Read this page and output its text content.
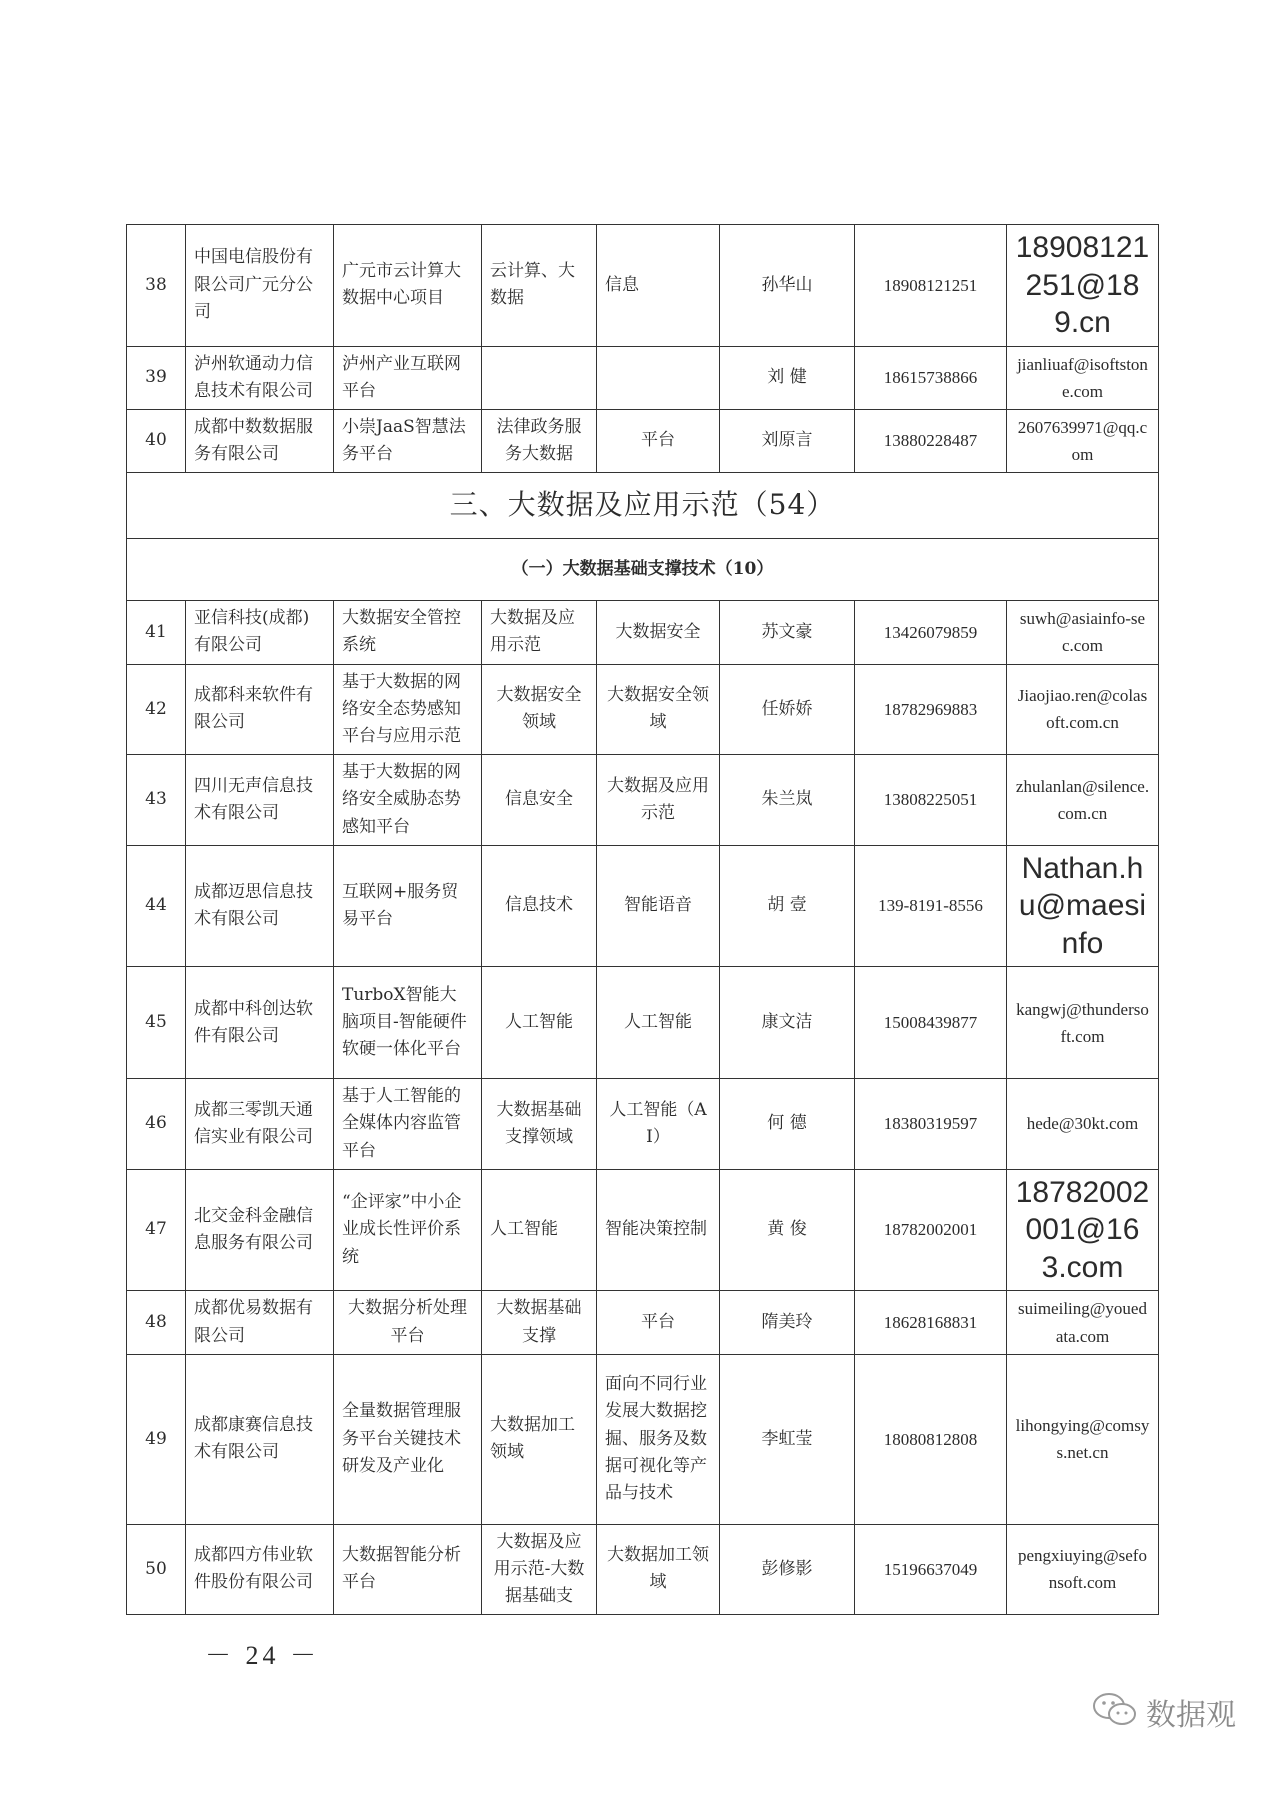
38	中国电信股份有限公司广元分公司	广元市云计算大数据中心项目	云计算、大数据	信息	孙华山	18908121251	18908121251@189.cn
39	泸州软通动力信息技术有限公司	泸州产业互联网平台			刘 健	18615738866	jianliuaf@isoftstone.com
40	成都中数数据服务有限公司	小崇JaaS智慧法务平台	法律政务服务大数据	平台	刘原言	13880228487	2607639971@qq.com
三、大数据及应用示范（54）							
（一）大数据基础支撑技术（10）							
41	亚信科技(成都)有限公司	大数据安全管控系统	大数据及应用示范	大数据安全	苏文豪	13426079859	suwh@asiainfo-sec.com
42	成都科来软件有限公司	基于大数据的网络安全态势感知平台与应用示范	大数据安全领域	大数据安全领域	任娇娇	18782969883	Jiaojiao.ren@colasoft.com.cn
43	四川无声信息技术有限公司	基于大数据的网络安全威胁态势感知平台	信息安全	大数据及应用示范	朱兰岚	13808225051	zhulanlan@silence.com.cn
44	成都迈思信息技术有限公司	互联网+服务贸易平台	信息技术	智能语音	胡 壹	139-8191-8556	Nathan.hu@maesinfo
45	成都中科创达软件有限公司	TurboX智能大脑项目-智能硬件软硬一体化平台	人工智能	人工智能	康文洁	15008439877	kangwj@thundersoft.com
46	成都三零凯天通信实业有限公司	基于人工智能的全媒体内容监管平台	大数据基础支撑领域	人工智能（AI）	何 德	18380319597	hede@30kt.com
47	北交金科金融信息服务有限公司	“企评家”中小企业成长性评价系统	人工智能	智能决策控制	黄 俊	18782002001	18782002001@163.com
48	成都优易数据有限公司	大数据分析处理平台	大数据基础支撑	平台	隋美玲	18628168831	suimeiling@youedata.com
49	成都康赛信息技术有限公司	全量数据管理服务平台关键技术研发及产业化	大数据加工领域	面向不同行业发展大数据挖掘、服务及数据可视化等产品与技术	李虹莹	18080812808	lihongying@comsys.net.cn
50	成都四方伟业软件股份有限公司	大数据智能分析平台	大数据及应用示范-大数据基础支	大数据加工领域	彭修影	15196637049	pengxiuying@sefonsoft.com
－ 24 －
数据观
